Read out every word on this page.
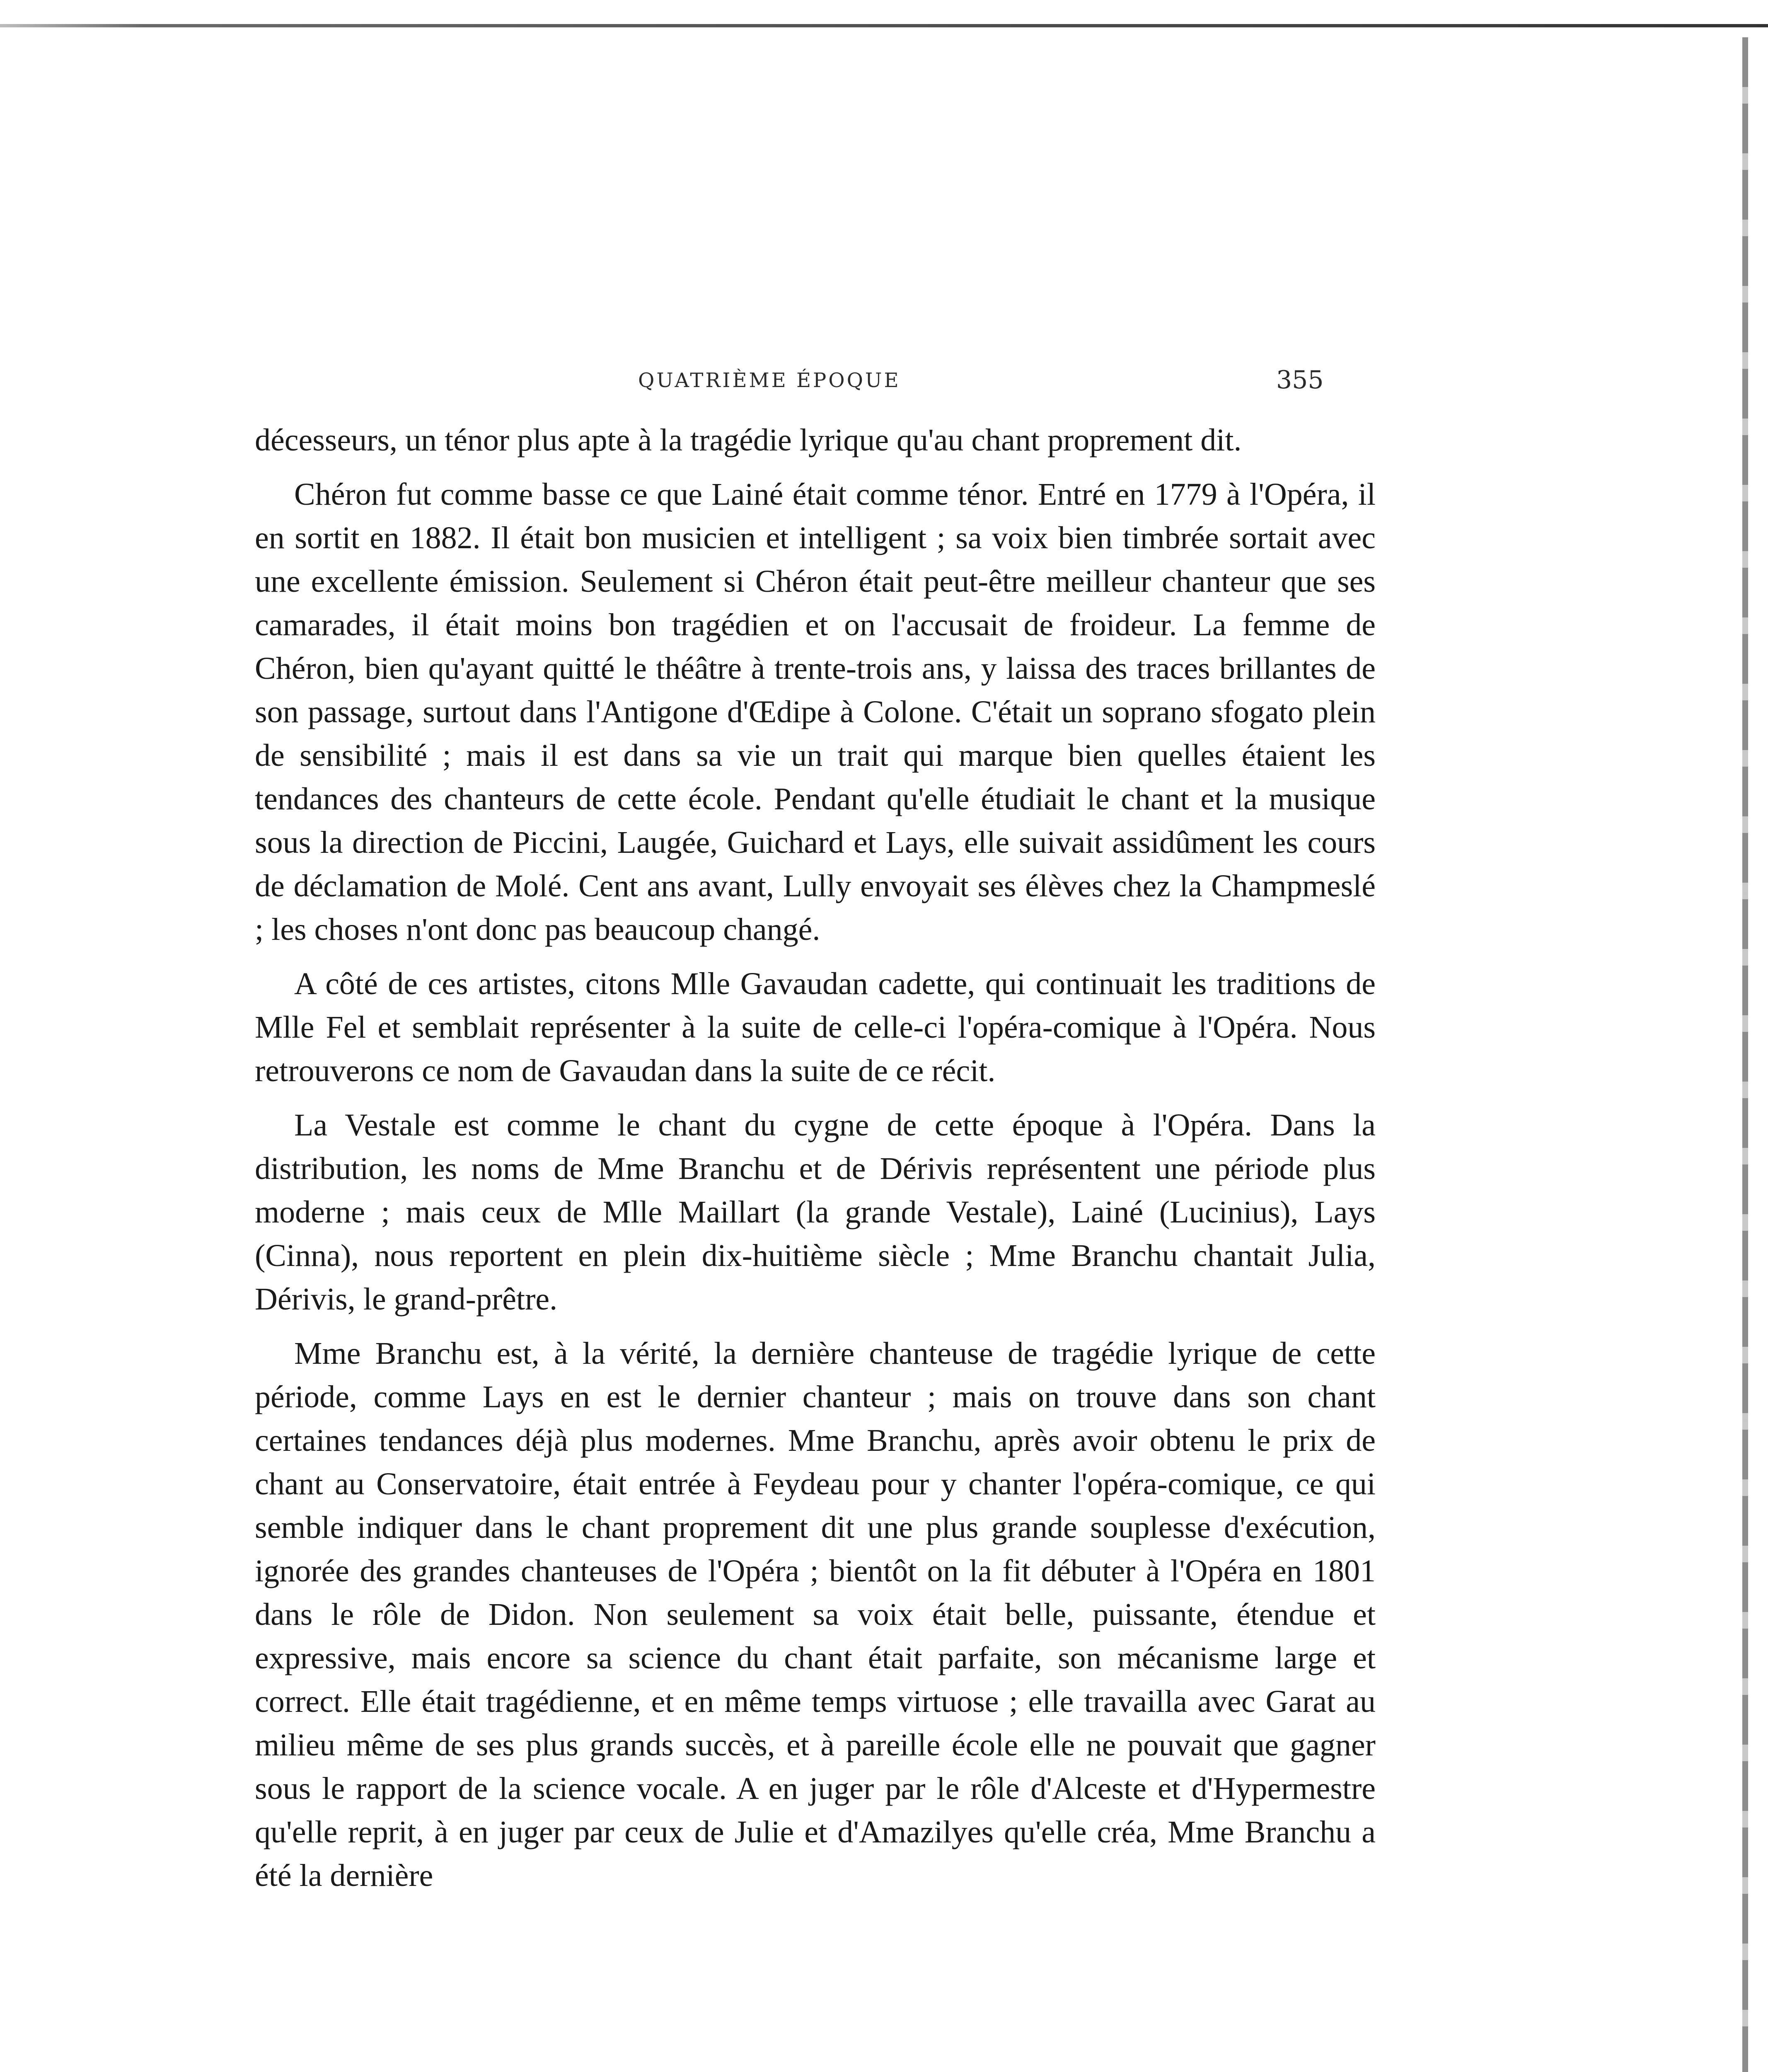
QUATRIÈME ÉPOQUE	355

décesseurs, un ténor plus apte à la tragédie lyrique qu'au chant proprement dit.

Chéron fut comme basse ce que Lainé était comme ténor. Entré en 1779 à l'Opéra, il en sortit en 1882. Il était bon musicien et intelligent ; sa voix bien timbrée sortait avec une excellente émission. Seulement si Chéron était peut-être meilleur chanteur que ses camarades, il était moins bon tragédien et on l'accusait de froideur. La femme de Chéron, bien qu'ayant quitté le théâtre à trente-trois ans, y laissa des traces brillantes de son passage, surtout dans l'Antigone d'Œdipe à Colone. C'était un soprano sfogato plein de sensibilité ; mais il est dans sa vie un trait qui marque bien quelles étaient les tendances des chanteurs de cette école. Pendant qu'elle étudiait le chant et la musique sous la direction de Piccini, Laugée, Guichard et Lays, elle suivait assidûment les cours de déclamation de Molé. Cent ans avant, Lully envoyait ses élèves chez la Champmeslé ; les choses n'ont donc pas beaucoup changé.

A côté de ces artistes, citons Mlle Gavaudan cadette, qui continuait les traditions de Mlle Fel et semblait représenter à la suite de celle-ci l'opéra-comique à l'Opéra. Nous retrouverons ce nom de Gavaudan dans la suite de ce récit.

La Vestale est comme le chant du cygne de cette époque à l'Opéra. Dans la distribution, les noms de Mme Branchu et de Dérivis représentent une période plus moderne ; mais ceux de Mlle Maillart (la grande Vestale), Lainé (Lucinius), Lays (Cinna), nous reportent en plein dix-huitième siècle ; Mme Branchu chantait Julia, Dérivis, le grand-prêtre.

Mme Branchu est, à la vérité, la dernière chanteuse de tragédie lyrique de cette période, comme Lays en est le dernier chanteur ; mais on trouve dans son chant certaines tendances déjà plus modernes. Mme Branchu, après avoir obtenu le prix de chant au Conservatoire, était entrée à Feydeau pour y chanter l'opéra-comique, ce qui semble indiquer dans le chant proprement dit une plus grande souplesse d'exécution, ignorée des grandes chanteuses de l'Opéra ; bientôt on la fit débuter à l'Opéra en 1801 dans le rôle de Didon. Non seulement sa voix était belle, puissante, étendue et expressive, mais encore sa science du chant était parfaite, son mécanisme large et correct. Elle était tragédienne, et en même temps virtuose ; elle travailla avec Garat au milieu même de ses plus grands succès, et à pareille école elle ne pouvait que gagner sous le rapport de la science vocale. A en juger par le rôle d'Alceste et d'Hypermestre qu'elle reprit, à en juger par ceux de Julie et d'Amazilyes qu'elle créa, Mme Branchu a été la dernière
